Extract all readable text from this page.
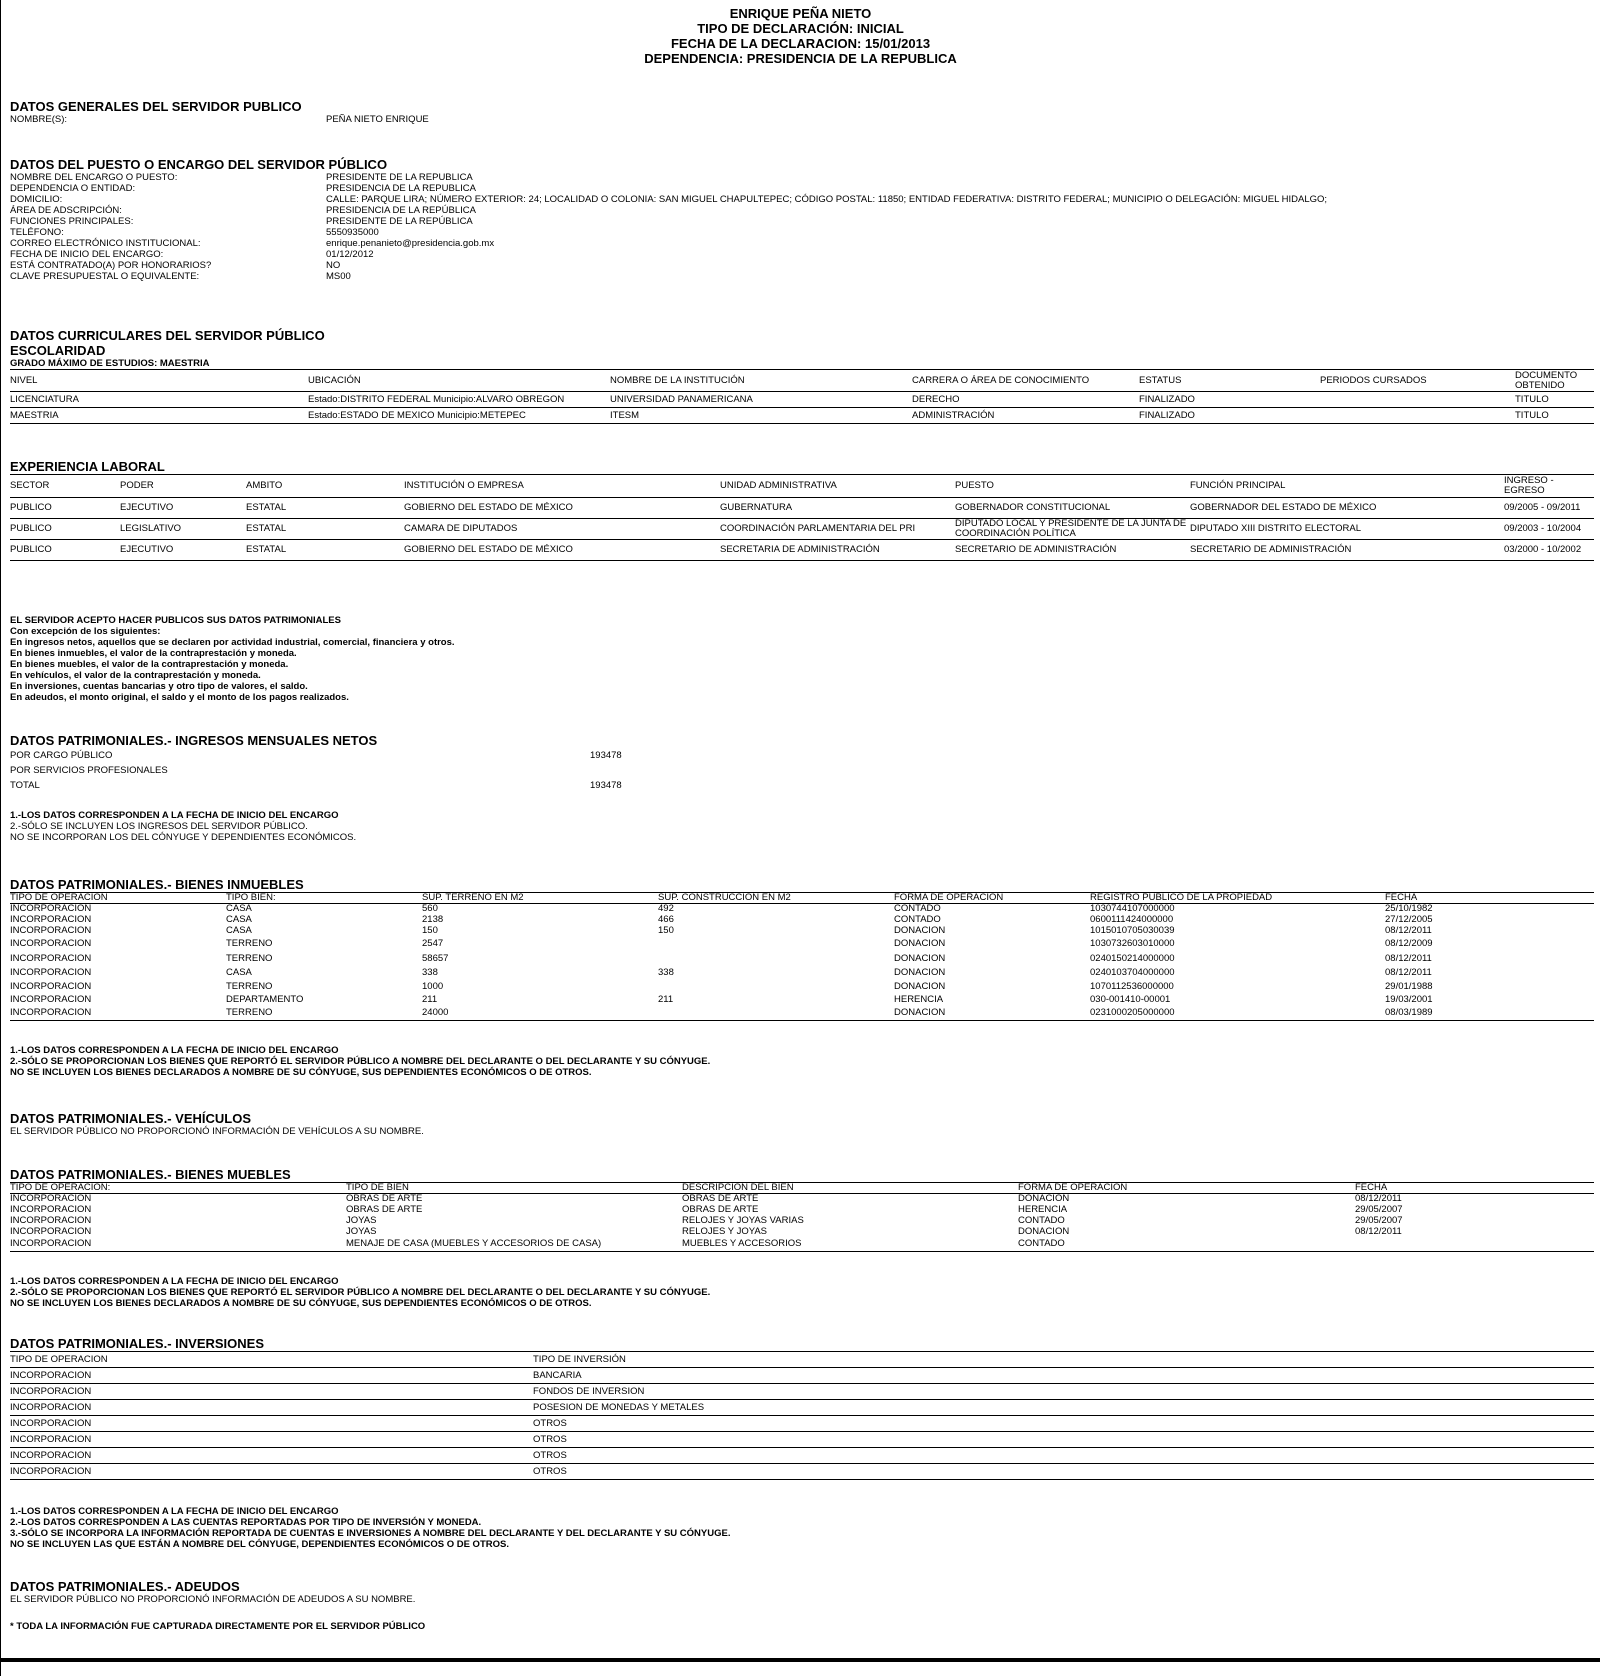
ENRIQUE PEÑA NIETO
TIPO DE DECLARACIÓN: INICIAL
FECHA DE LA DECLARACION: 15/01/2013
DEPENDENCIA: PRESIDENCIA DE LA REPUBLICA
DATOS GENERALES DEL SERVIDOR PUBLICO
NOMBRE(S):	PEÑA NIETO ENRIQUE
DATOS DEL PUESTO O ENCARGO DEL SERVIDOR PÚBLICO
NOMBRE DEL ENCARGO O PUESTO:	PRESIDENTE DE LA REPUBLICA
DEPENDENCIA O ENTIDAD:	PRESIDENCIA DE LA REPUBLICA
DOMICILIO:	CALLE: PARQUE LIRA; NÚMERO EXTERIOR: 24; LOCALIDAD O COLONIA: SAN MIGUEL CHAPULTEPEC; CÓDIGO POSTAL: 11850; ENTIDAD FEDERATIVA: DISTRITO FEDERAL; MUNICIPIO O DELEGACIÓN: MIGUEL HIDALGO;
ÁREA DE ADSCRIPCIÓN:	PRESIDENCIA DE LA REPÚBLICA
FUNCIONES PRINCIPALES:	PRESIDENTE DE LA REPÚBLICA
TELÉFONO:	5550935000
CORREO ELECTRÓNICO INSTITUCIONAL:	enrique.penanieto@presidencia.gob.mx
FECHA DE INICIO DEL ENCARGO:	01/12/2012
ESTÁ CONTRATADO(A) POR HONORARIOS?	NO
CLAVE PRESUPUESTAL O EQUIVALENTE:	MS00
DATOS CURRICULARES DEL SERVIDOR PÚBLICO
ESCOLARIDAD
GRADO MÁXIMO DE ESTUDIOS: MAESTRIA
NIVEL	UBICACIÓN	NOMBRE DE LA INSTITUCIÓN	CARRERA O ÁREA DE CONOCIMIENTO	ESTATUS	PERIODOS CURSADOS	DOCUMENTO OBTENIDO
LICENCIATURA	Estado:DISTRITO FEDERAL Municipio:ALVARO OBREGON	UNIVERSIDAD PANAMERICANA	DERECHO	FINALIZADO		TITULO
MAESTRIA	Estado:ESTADO DE MEXICO Municipio:METEPEC	ITESM	ADMINISTRACIÓN	FINALIZADO		TITULO
EXPERIENCIA LABORAL
SECTOR	PODER	AMBITO	INSTITUCIÓN O EMPRESA	UNIDAD ADMINISTRATIVA	PUESTO	FUNCIÓN PRINCIPAL	INGRESO - EGRESO
PUBLICO	EJECUTIVO	ESTATAL	GOBIERNO DEL ESTADO DE MÉXICO	GUBERNATURA	GOBERNADOR CONSTITUCIONAL	GOBERNADOR DEL ESTADO DE MÉXICO	09/2005 - 09/2011
PUBLICO	LEGISLATIVO	ESTATAL	CAMARA DE DIPUTADOS	COORDINACIÓN PARLAMENTARIA DEL PRI	DIPUTADO LOCAL Y PRESIDENTE DE LA JUNTA DE COORDINACIÓN POLÍTICA	DIPUTADO XIII DISTRITO ELECTORAL	09/2003 - 10/2004
PUBLICO	EJECUTIVO	ESTATAL	GOBIERNO DEL ESTADO DE MÉXICO	SECRETARIA DE ADMINISTRACIÓN	SECRETARIO DE ADMINISTRACIÓN	SECRETARIO DE ADMINISTRACIÓN	03/2000 - 10/2002
EL SERVIDOR ACEPTO HACER PUBLICOS SUS DATOS PATRIMONIALES
Con excepción de los siguientes:
En ingresos netos, aquellos que se declaren por actividad industrial, comercial, financiera y otros.
En bienes inmuebles, el valor de la contraprestación y moneda.
En bienes muebles, el valor de la contraprestación y moneda.
En vehículos, el valor de la contraprestación y moneda.
En inversiones, cuentas bancarias y otro tipo de valores, el saldo.
En adeudos, el monto original, el saldo y el monto de los pagos realizados.
DATOS PATRIMONIALES.- INGRESOS MENSUALES NETOS
POR CARGO PÚBLICO	193478
POR SERVICIOS PROFESIONALES
TOTAL	193478
1.-LOS DATOS CORRESPONDEN A LA FECHA DE INICIO DEL ENCARGO
2.-SÓLO SE INCLUYEN LOS INGRESOS DEL SERVIDOR PÚBLICO.
NO SE INCORPORAN LOS DEL CÓNYUGE Y DEPENDIENTES ECONÓMICOS.
DATOS PATRIMONIALES.- BIENES INMUEBLES
TIPO DE OPERACIÓN	TIPO BIEN:	SUP. TERRENO EN M2	SUP. CONSTRUCCIÓN EN M2	FORMA DE OPERACIÓN	REGISTRO PUBLICO DE LA PROPIEDAD	FECHA
INCORPORACION	CASA	560	492	CONTADO	1030744107000000	25/10/1982
INCORPORACION	CASA	2138	466	CONTADO	0600111424000000	27/12/2005
INCORPORACION	CASA	150	150	DONACION	1015010705030039	08/12/2011
INCORPORACION	TERRENO	2547		DONACION	1030732603010000	08/12/2009
INCORPORACION	TERRENO	58657		DONACION	0240150214000000	08/12/2011
INCORPORACION	CASA	338	338	DONACION	0240103704000000	08/12/2011
INCORPORACION	TERRENO	1000		DONACION	1070112536000000	29/01/1988
INCORPORACION	DEPARTAMENTO	211	211	HERENCIA	030-001410-00001	19/03/2001
INCORPORACION	TERRENO	24000		DONACION	0231000205000000	08/03/1989
1.-LOS DATOS CORRESPONDEN A LA FECHA DE INICIO DEL ENCARGO
2.-SÓLO SE PROPORCIONAN LOS BIENES QUE REPORTÓ EL SERVIDOR PÚBLICO A NOMBRE DEL DECLARANTE O DEL DECLARANTE Y SU CÓNYUGE.
NO SE INCLUYEN LOS BIENES DECLARADOS A NOMBRE DE SU CÓNYUGE, SUS DEPENDIENTES ECONÓMICOS O DE OTROS.
DATOS PATRIMONIALES.- VEHÍCULOS
EL SERVIDOR PÚBLICO NO PROPORCIONÓ INFORMACIÓN DE VEHÍCULOS A SU NOMBRE.
DATOS PATRIMONIALES.- BIENES MUEBLES
TIPO DE OPERACIÓN:	TIPO DE BIEN	DESCRIPCIÓN DEL BIEN	FORMA DE OPERACIÓN	FECHA
INCORPORACION	OBRAS DE ARTE	OBRAS DE ARTE	DONACION	08/12/2011
INCORPORACION	OBRAS DE ARTE	OBRAS DE ARTE	HERENCIA	29/05/2007
INCORPORACION	JOYAS	RELOJES Y JOYAS VARIAS	CONTADO	29/05/2007
INCORPORACION	JOYAS	RELOJES Y JOYAS	DONACION	08/12/2011
INCORPORACION	MENAJE DE CASA (MUEBLES Y ACCESORIOS DE CASA)	MUEBLES Y ACCESORIOS	CONTADO	
1.-LOS DATOS CORRESPONDEN A LA FECHA DE INICIO DEL ENCARGO
2.-SÓLO SE PROPORCIONAN LOS BIENES QUE REPORTÓ EL SERVIDOR PÚBLICO A NOMBRE DEL DECLARANTE O DEL DECLARANTE Y SU CÓNYUGE.
NO SE INCLUYEN LOS BIENES DECLARADOS A NOMBRE DE SU CÓNYUGE, SUS DEPENDIENTES ECONÓMICOS O DE OTROS.
DATOS PATRIMONIALES.- INVERSIONES
TIPO DE OPERACION	TIPO DE INVERSIÓN
INCORPORACION	BANCARIA
INCORPORACION	FONDOS DE INVERSION
INCORPORACION	POSESION DE MONEDAS Y METALES
INCORPORACION	OTROS
INCORPORACION	OTROS
INCORPORACION	OTROS
INCORPORACION	OTROS
1.-LOS DATOS CORRESPONDEN A LA FECHA DE INICIO DEL ENCARGO
2.-LOS DATOS CORRESPONDEN A LAS CUENTAS REPORTADAS POR TIPO DE INVERSIÓN Y MONEDA.
3.-SÓLO SE INCORPORA LA INFORMACIÓN REPORTADA DE CUENTAS E INVERSIONES A NOMBRE DEL DECLARANTE Y DEL DECLARANTE Y SU CÓNYUGE.
NO SE INCLUYEN LAS QUE ESTÁN A NOMBRE DEL CÓNYUGE, DEPENDIENTES ECONÓMICOS O DE OTROS.
DATOS PATRIMONIALES.- ADEUDOS
EL SERVIDOR PÚBLICO NO PROPORCIONÓ INFORMACIÓN DE ADEUDOS A SU NOMBRE.
* TODA LA INFORMACIÓN FUE CAPTURADA DIRECTAMENTE POR EL SERVIDOR PÚBLICO
